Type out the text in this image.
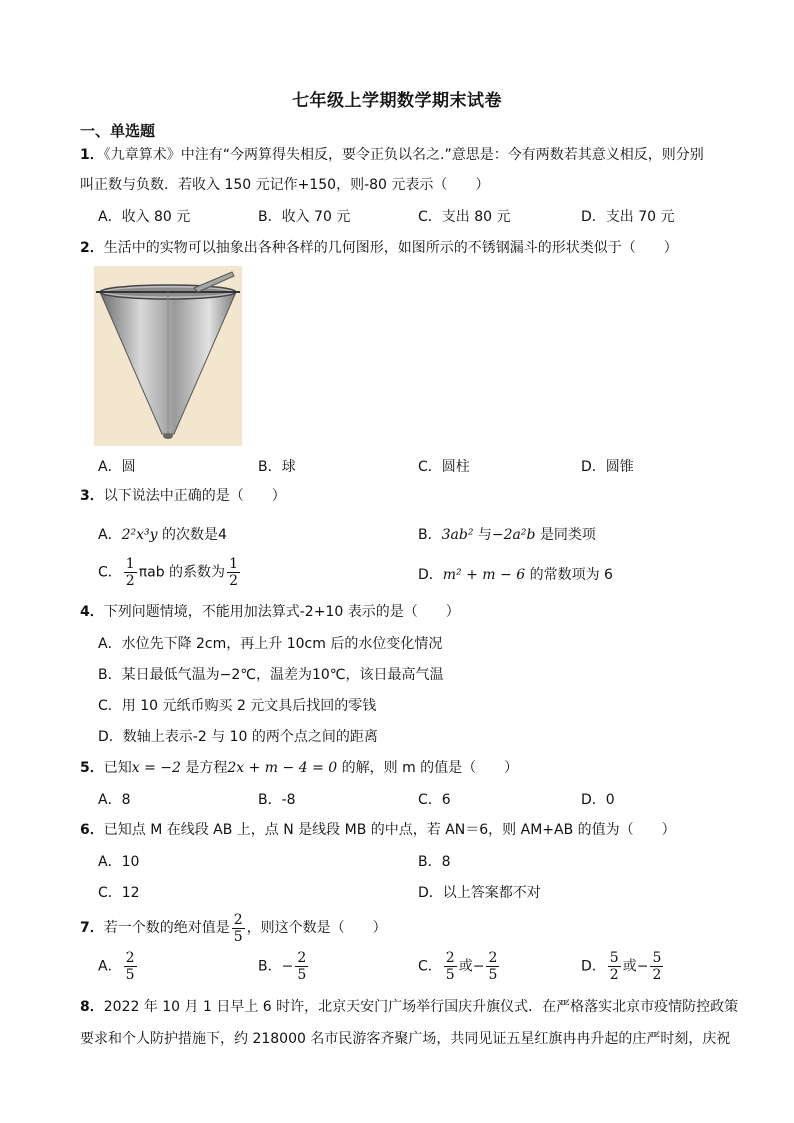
七年级上学期数学期末试卷
一、单选题
1．《九章算术》中注有“今两算得失相反，要令正负以名之.”意思是：今有两数若其意义相反，则分别
叫正数与负数．若收入 150 元记作+150，则-80 元表示（　　）
A．收入 80 元	B．收入 70 元	C．支出 80 元	D．支出 70 元
2．生活中的实物可以抽象出各种各样的几何图形，如图所示的不锈钢漏斗的形状类似于（　　）
A．圆	B．球	C．圆柱	D．圆锥
3．以下说法中正确的是（　　）
A．2²x³y 的次数是4	B．3ab² 与−2a²b 是同类项
C． $\frac{1}{2}$ πab 的系数为 $\frac{1}{2}$	D．m² + m − 6 的常数项为 6
4．下列问题情境，不能用加法算式-2+10 表示的是（　　）
A．水位先下降 2cm，再上升 10cm 后的水位变化情况
B．某日最低气温为−2℃，温差为10℃，该日最高气温
C．用 10 元纸币购买 2 元文具后找回的零钱
D．数轴上表示-2 与 10 的两个点之间的距离
5．已知x = −2 是方程2x + m − 4 = 0 的解，则 m 的值是（　　）
A．8	B．-8	C．6	D．0
6．已知点 M 在线段 AB 上，点 N 是线段 MB 的中点，若 AN＝6，则 AM+AB 的值为（　　）
A．10	B．8
C．12	D．以上答案都不对
7．若一个数的绝对值是 $\frac{2}{5}$ ，则这个数是（　　）
A． $\frac{2}{5}$	B．− $\frac{2}{5}$	C． $\frac{2}{5}$ 或− $\frac{2}{5}$	D． $\frac{5}{2}$ 或− $\frac{5}{2}$
8．2022 年 10 月 1 日早上 6 时许，北京天安门广场举行国庆升旗仪式．在严格落实北京市疫情防控政策
要求和个人防护措施下，约 218000 名市民游客齐聚广场，共同见证五星红旗冉冉升起的庄严时刻，庆祝
